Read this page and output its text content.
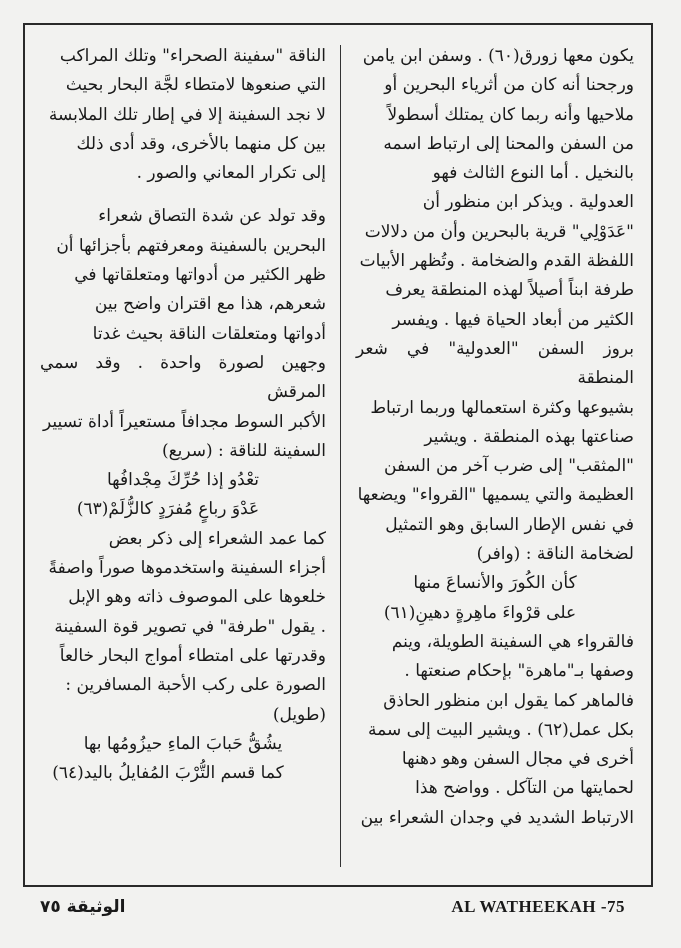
يكون معها زورق(٦٠) . وسفن ابن يامن

ورجحنا أنه كان من أثرياء البحرين أو

ملاحيها وأنه ربما كان يمتلك أسطولاً

من السفن والمحنا إلى ارتباط اسمه

بالنخيل . أما النوع الثالث فهو

العدولية . ويذكر ابن منظور أن

"عَدَوْلِي" قرية بالبحرين وأن من دلالات

اللفظة القدم والضخامة . وتُظهر الأبيات

طرفة ابناً أصيلاً لهذه المنطقة يعرف

الكثير من أبعاد الحياة فيها . ويفسر

بروز السفن "العدولية" في شعر المنطقة

بشيوعها وكثرة استعمالها وربما ارتباط

صناعتها بهذه المنطقة . ويشير

"المثقب" إلى ضرب آخر من السفن

العظيمة والتي يسميها "القرواء" ويضعها

في نفس الإطار السابق وهو التمثيل

لضخامة الناقة : (وافر)

كأن الكُورَ والأنساعَ منها

على قرْواءَ ماهِرةٍ دهينِ(٦١)

فالقرواء هي السفينة الطويلة، وينم

وصفها بـ"ماهرة" بإحكام صنعتها .

فالماهر كما يقول ابن منظور الحاذق

بكل عمل(٦٢) . ويشير البيت إلى سمة

أخرى في مجال السفن وهو دهنها

لحمايتها من التآكل . وواضح هذا

الارتباط الشديد في وجدان الشعراء بين

الناقة "سفينة الصحراء" وتلك المراكب

التي صنعوها لامتطاء لجَّة البحار بحيث

لا نجد السفينة إلا في إطار تلك الملابسة

بين كل منهما بالأخرى، وقد أدى ذلك

إلى تكرار المعاني والصور .

وقد تولد عن شدة التصاق شعراء

البحرين بالسفينة ومعرفتهم بأجزائها أن

ظهر الكثير من أدواتها ومتعلقاتها في

شعرهم، هذا مع اقتران واضح بين

أدواتها ومتعلقات الناقة بحيث غدتا

وجهين لصورة واحدة . وقد سمي المرقش

الأكبر السوط مجدافاً مستعيراً أداة تسيير

السفينة للناقة : (سريع)

تعْدُو إذا حُرِّكَ مِجْدافُها

عَدْوَ رباعٍ مُفرَدٍ كالزُّلَمْ(٦٣)

كما عمد الشعراء إلى ذكر بعض

أجزاء السفينة واستخدموها صوراً واصفةً

خلعوها على الموصوف ذاته وهو الإبل

. يقول "طرفة" في تصوير قوة السفينة

وقدرتها على امتطاء أمواج البحار خالعاً

الصورة على ركب الأحبة المسافرين :

(طويل)

يشُقُّ حَبابَ الماءِ حيزُومُها بها

كما قسم التُّرْبَ المُفايلُ باليد(٦٤)

الوثيقة ٧٥	AL WATHEEKAH -75
